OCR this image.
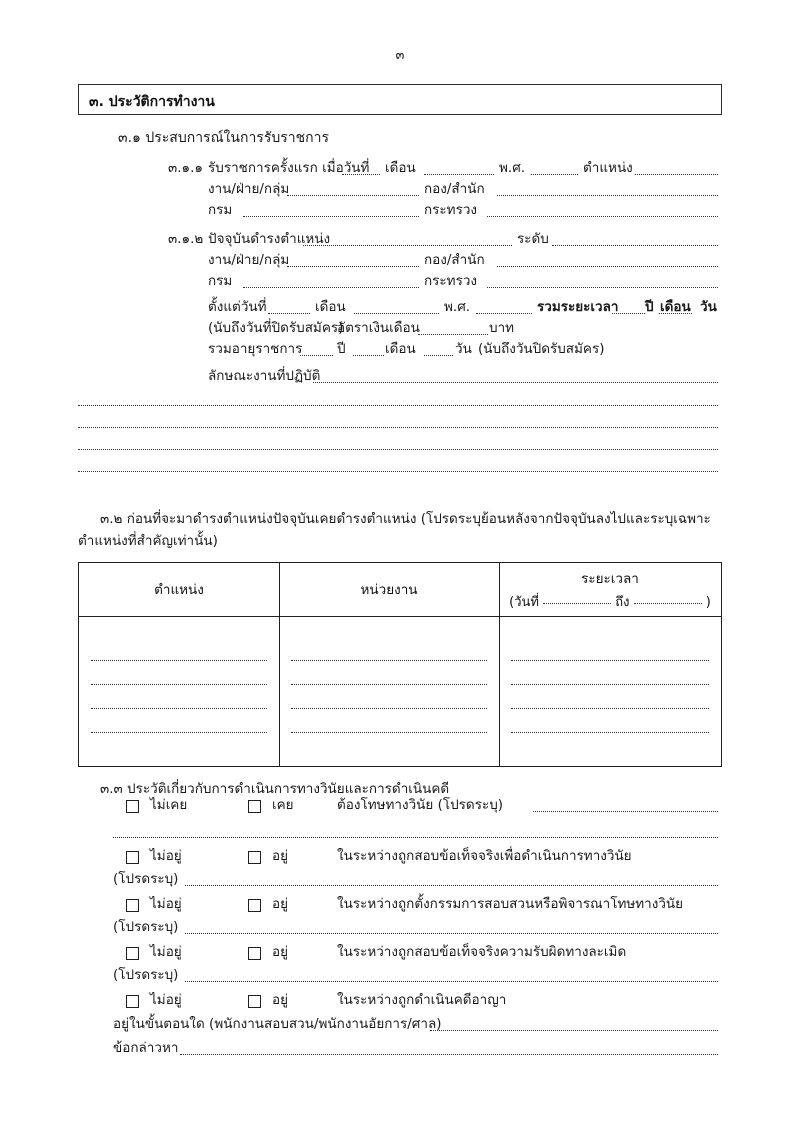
๓
๓. ประวัติการทำงาน
๓.๑ ประสบการณ์ในการรับราชการ
๓.๑.๑ รับราชการครั้งแรก เมื่อวันที่ เดือน	พ.ศ.	ตำแหน่ง
งาน/ฝ่าย/กลุ่ม	กอง/สำนัก
กรม	กระทรวง
๓.๑.๒ ปัจจุบันดำรงตำแหน่ง	ระดับ
งาน/ฝ่าย/กลุ่ม	กอง/สำนัก
กรม	กระทรวง
ตั้งแต่วันที่	เดือน	พ.ศ.	รวมระยะเวลา ปี เดือน วัน
(นับถึงวันที่ปิดรับสมัคร)
อัตราเงินเดือน	บาท
รวมอายุราชการ	ปี	เดือน	วัน (นับถึงวันปิดรับสมัคร)
ลักษณะงานที่ปฏิบัติ
๓.๒ ก่อนที่จะมาดำรงตำแหน่งปัจจุบันเคยดำรงตำแหน่ง (โปรดระบุย้อนหลังจากปัจจุบันลงไปและระบุเฉพาะ
ตำแหน่งที่สำคัญเท่านั้น)
ตำแหน่ง	หน่วยงาน
ระยะเวลา
(วันที่	ถึง	)
๓.๓ ประวัติเกี่ยวกับการดำเนินการทางวินัยและการดำเนินคดี
ไม่เคย	เคย	ต้องโทษทางวินัย (โปรดระบุ)
ไม่อยู่	อยู่	ในระหว่างถูกสอบข้อเท็จจริงเพื่อดำเนินการทางวินัย
(โปรดระบุ)
ไม่อยู่	อยู่	ในระหว่างถูกตั้งกรรมการสอบสวนหรือพิจารณาโทษทางวินัย
(โปรดระบุ)
ไม่อยู่	อยู่	ในระหว่างถูกสอบข้อเท็จจริงความรับผิดทางละเมิด
(โปรดระบุ)
ไม่อยู่	อยู่	ในระหว่างถูกดำเนินคดีอาญา
อยู่ในขั้นตอนใด (พนักงานสอบสวน/พนักงานอัยการ/ศาล)
ข้อกล่าวหา
